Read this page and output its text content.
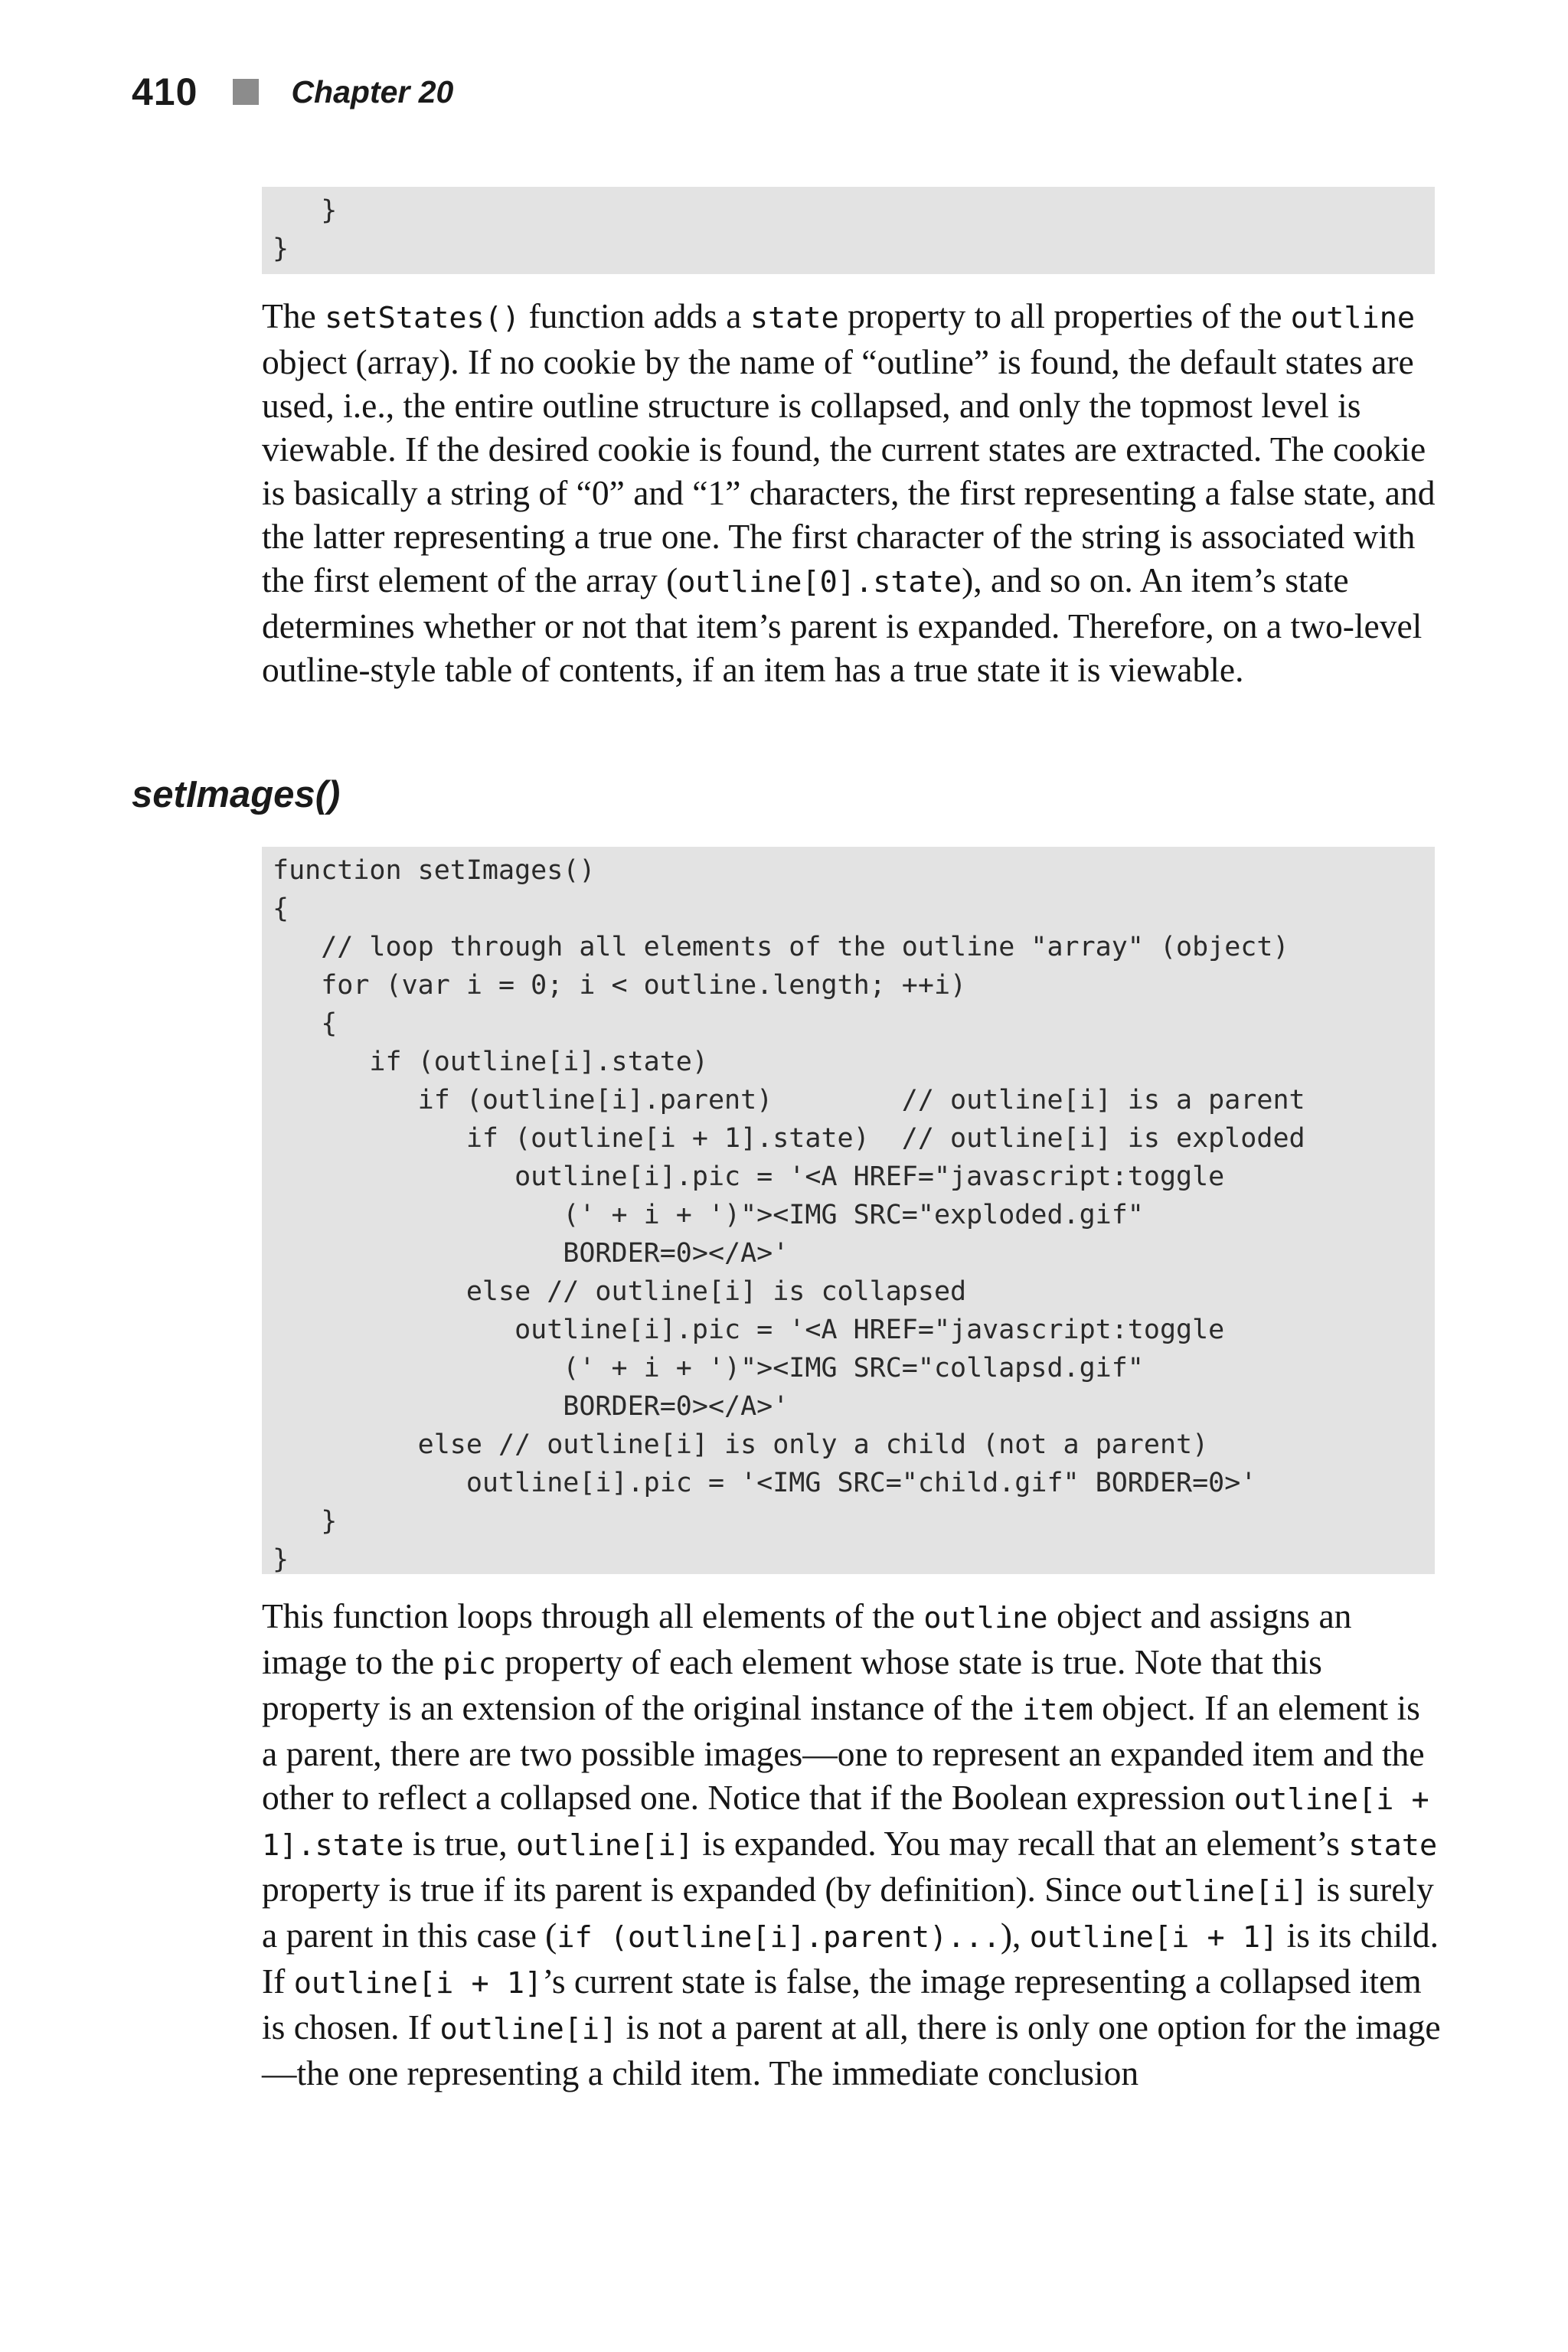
410	Chapter 20
}
}

The setStates() function adds a state property to all properties of the outline object (array). If no cookie by the name of “outline” is found, the default states are used, i.e., the entire outline structure is collapsed, and only the topmost level is viewable. If the desired cookie is found, the current states are extracted. The cookie is basically a string of “0” and “1” characters, the first representing a false state, and the latter representing a true one. The first character of the string is associated with the first element of the array (outline[0].state), and so on. An item’s state determines whether or not that item’s parent is expanded. Therefore, on a two-level outline-style table of contents, if an item has a true state it is viewable.

setImages()
function setImages()
{
// loop through all elements of the outline "array" (object)
for (var i = 0; i < outline.length; ++i)
{
if (outline[i].state)
if (outline[i].parent)        // outline[i] is a parent
if (outline[i + 1].state)  // outline[i] is exploded
outline[i].pic = '<A HREF="javascript:toggle
(' + i + ')"><IMG SRC="exploded.gif"
BORDER=0></A>'
else // outline[i] is collapsed
outline[i].pic = '<A HREF="javascript:toggle
(' + i + ')"><IMG SRC="collapsd.gif"
BORDER=0></A>'
else // outline[i] is only a child (not a parent)
outline[i].pic = '<IMG SRC="child.gif" BORDER=0>'
}
}

This function loops through all elements of the outline object and assigns an image to the pic property of each element whose state is true. Note that this property is an extension of the original instance of the item object. If an element is a parent, there are two possible images—one to represent an expanded item and the other to reflect a collapsed one. Notice that if the Boolean expression outline[i + 1].state is true, outline[i] is expanded. You may recall that an element’s state property is true if its parent is expanded (by definition). Since outline[i] is surely a parent in this case (if (outline[i].parent)...), outline[i + 1] is its child. If outline[i + 1]’s current state is false, the image representing a collapsed item is chosen. If outline[i] is not a parent at all, there is only one option for the image—the one representing a child item. The immediate conclusion
